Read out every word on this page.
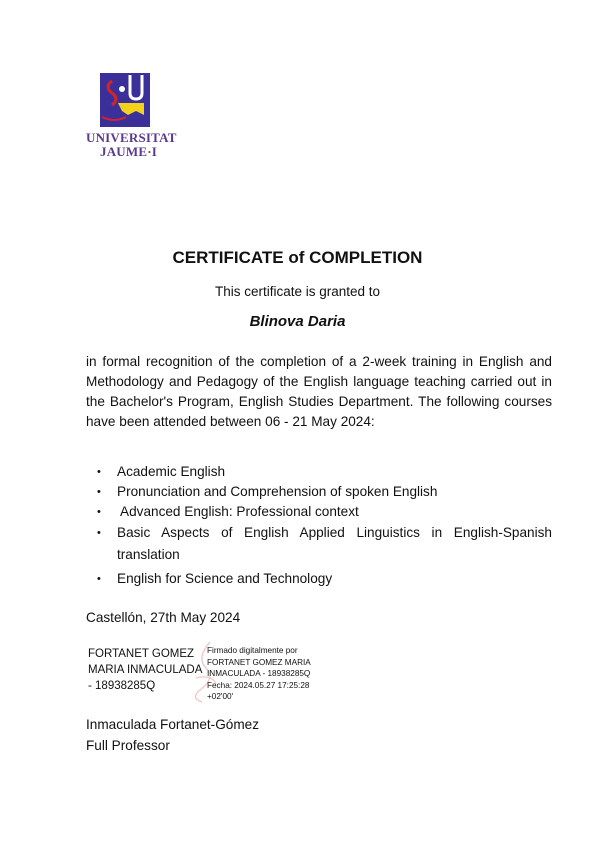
UNIVERSITAT
JAUME·I
CERTIFICATE of COMPLETION
This certificate is granted to
Blinova Daria
in formal recognition of the completion of a 2-week training in English and Methodology and Pedagogy of the English language teaching carried out in the Bachelor's Program, English Studies Department. The following courses have been attended between 06 - 21 May 2024:
• Academic English
• Pronunciation and Comprehension of spoken English
• Advanced English: Professional context
• Basic Aspects of English Applied Linguistics in English-Spanish translation
• English for Science and Technology
Castellón, 27th May 2024
FORTANET GOMEZ
MARIA INMACULADA
- 18938285Q
Firmado digitalmente por
FORTANET GOMEZ MARIA
INMACULADA - 18938285Q
Fecha: 2024.05.27 17:25:28
+02'00'
Inmaculada Fortanet-Gómez
Full Professor
